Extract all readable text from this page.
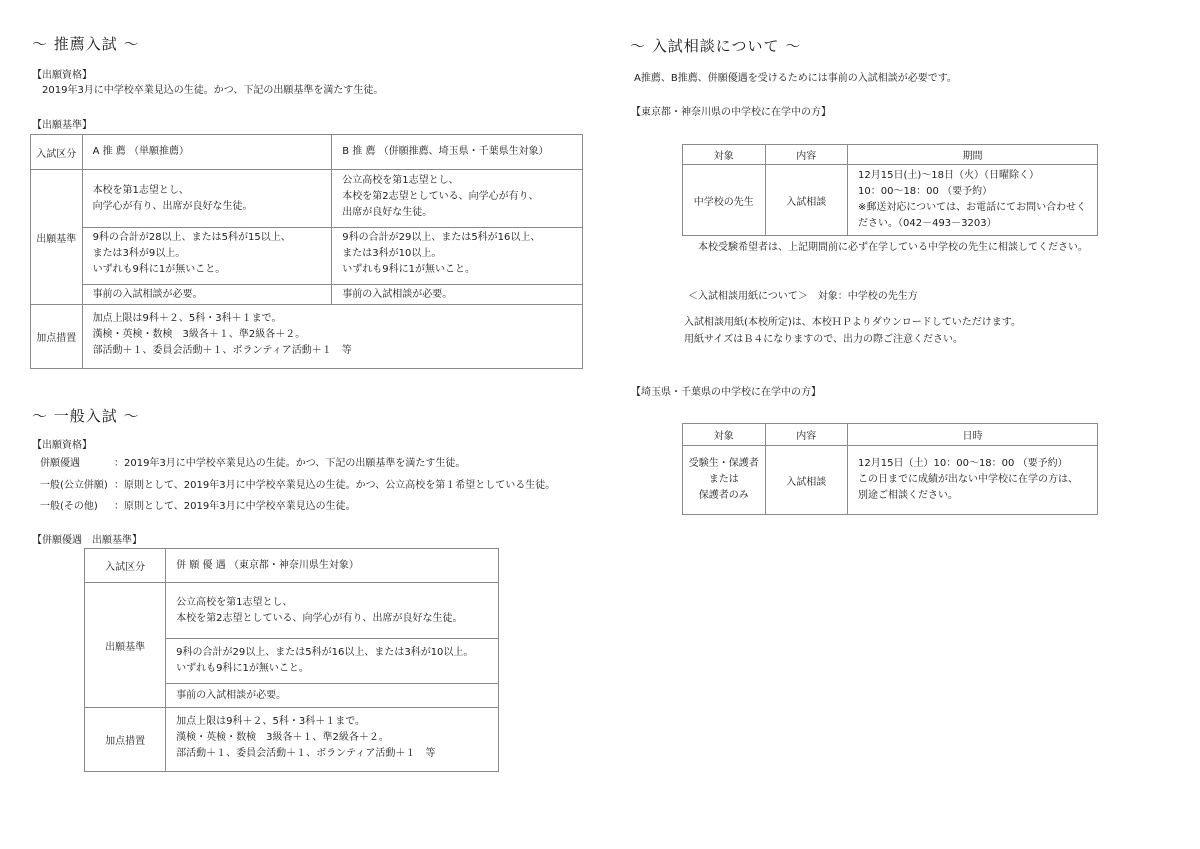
～ 推薦入試 ～
【出願資格】
2019年3月に中学校卒業見込の生徒。かつ、下記の出願基準を満たす生徒。
【出願基準】
入試区分	A 推 薦 （単願推薦）	B 推 薦 （併願推薦、埼玉県・千葉県生対象）

出願基準	本校を第1志望とし、
向学心が有り、出席が良好な生徒。	公立高校を第1志望とし、
本校を第2志望としている、向学心が有り、
出席が良好な生徒。

	9科の合計が28以上、または5科が15以上、
または3科が9以上。
いずれも9科に1が無いこと。	9科の合計が29以上、または5科が16以上、
または3科が10以上。
いずれも9科に1が無いこと。

	事前の入試相談が必要。	事前の入試相談が必要。

加点措置	加点上限は9科＋２、5科・3科＋１まで。
漢検・英検・数検　3級各＋１、準2級各＋２。
部活動＋１、委員会活動＋１、ボランティア活動＋１　等	
～ 一般入試 ～
【出願資格】
併願優遇	：2019年3月に中学校卒業見込の生徒。かつ、下記の出願基準を満たす生徒。
一般(公立併願) ：原則として、2019年3月に中学校卒業見込の生徒。かつ、公立高校を第１希望としている生徒。
一般(その他) ：原則として、2019年3月に中学校卒業見込の生徒。
【併願優遇　出願基準】
入試区分	併 願 優 遇 （東京都・神奈川県生対象）

出願基準	公立高校を第1志望とし、
本校を第2志望としている、向学心が有り、出席が良好な生徒。

	9科の合計が29以上、または5科が16以上、または3科が10以上。
いずれも9科に1が無いこと。

	事前の入試相談が必要。

加点措置	加点上限は9科＋２、5科・3科＋１まで。
漢検・英検・数検　3級各＋１、準2級各＋２。
部活動＋１、委員会活動＋１、ボランティア活動＋１　等
～ 入試相談について ～
A推薦、B推薦、併願優遇を受けるためには事前の入試相談が必要です。
【東京都・神奈川県の中学校に在学中の方】
対象	内容	期間
中学校の先生	入試相談	12月15日(土)～18日（火）（日曜除く）
10：00～18：00 （要予約）
※郵送対応については、お電話にてお問い合わせく
ださい。（042－493－3203）
本校受験希望者は、上記期間前に必ず在学している中学校の先生に相談してください。
＜入試相談用紙について＞　対象：中学校の先生方
入試相談用紙(本校所定)は、本校ＨＰよりダウンロードしていただけます。
用紙サイズはＢ４になりますので、出力の際ご注意ください。
【埼玉県・千葉県の中学校に在学中の方】
対象	内容	日時

受験生・保護者
または
保護者のみ	入試相談	12月15日（土）10：00～18：00 （要予約）
この日までに成績が出ない中学校に在学の方は、
別途ご相談ください。
